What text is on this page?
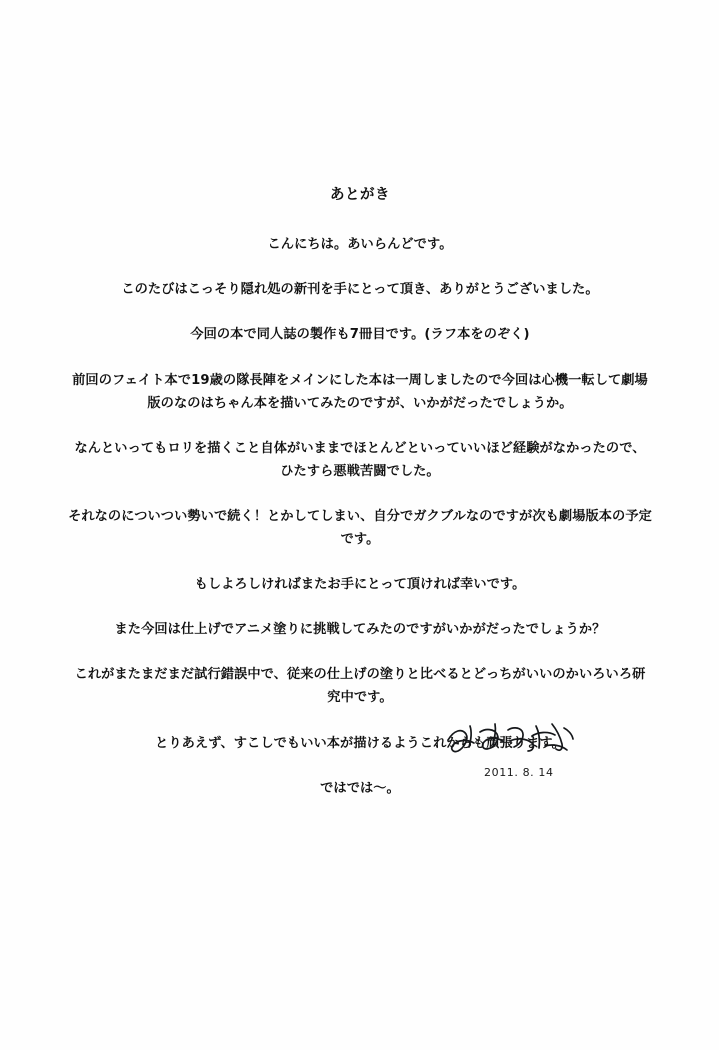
あとがき

こんにちは。あいらんどです。

このたびはこっそり隠れ処の新刊を手にとって頂き、ありがとうございました。

今回の本で同人誌の製作も7冊目です。(ラフ本をのぞく)

前回のフェイト本で19歳の隊長陣をメインにした本は一周しましたので今回は心機一転して劇場版のなのはちゃん本を描いてみたのですが、いかがだったでしょうか。

なんといってもロリを描くこと自体がいままでほとんどといっていいほど経験がなかったので、ひたすら悪戦苦闘でした。

それなのについつい勢いで続く！とかしてしまい、自分でガクブルなのですが次も劇場版本の予定です。

もしよろしければまたお手にとって頂ければ幸いです。

また今回は仕上げでアニメ塗りに挑戦してみたのですがいかがだったでしょうか？

これがまたまだまだ試行錯誤中で、従来の仕上げの塗りと比べるとどっちがいいのかいろいろ研究中です。

とりあえず、すこしでもいい本が描けるようこれからも頑張ります。

ではでは～。

2011. 8. 14
